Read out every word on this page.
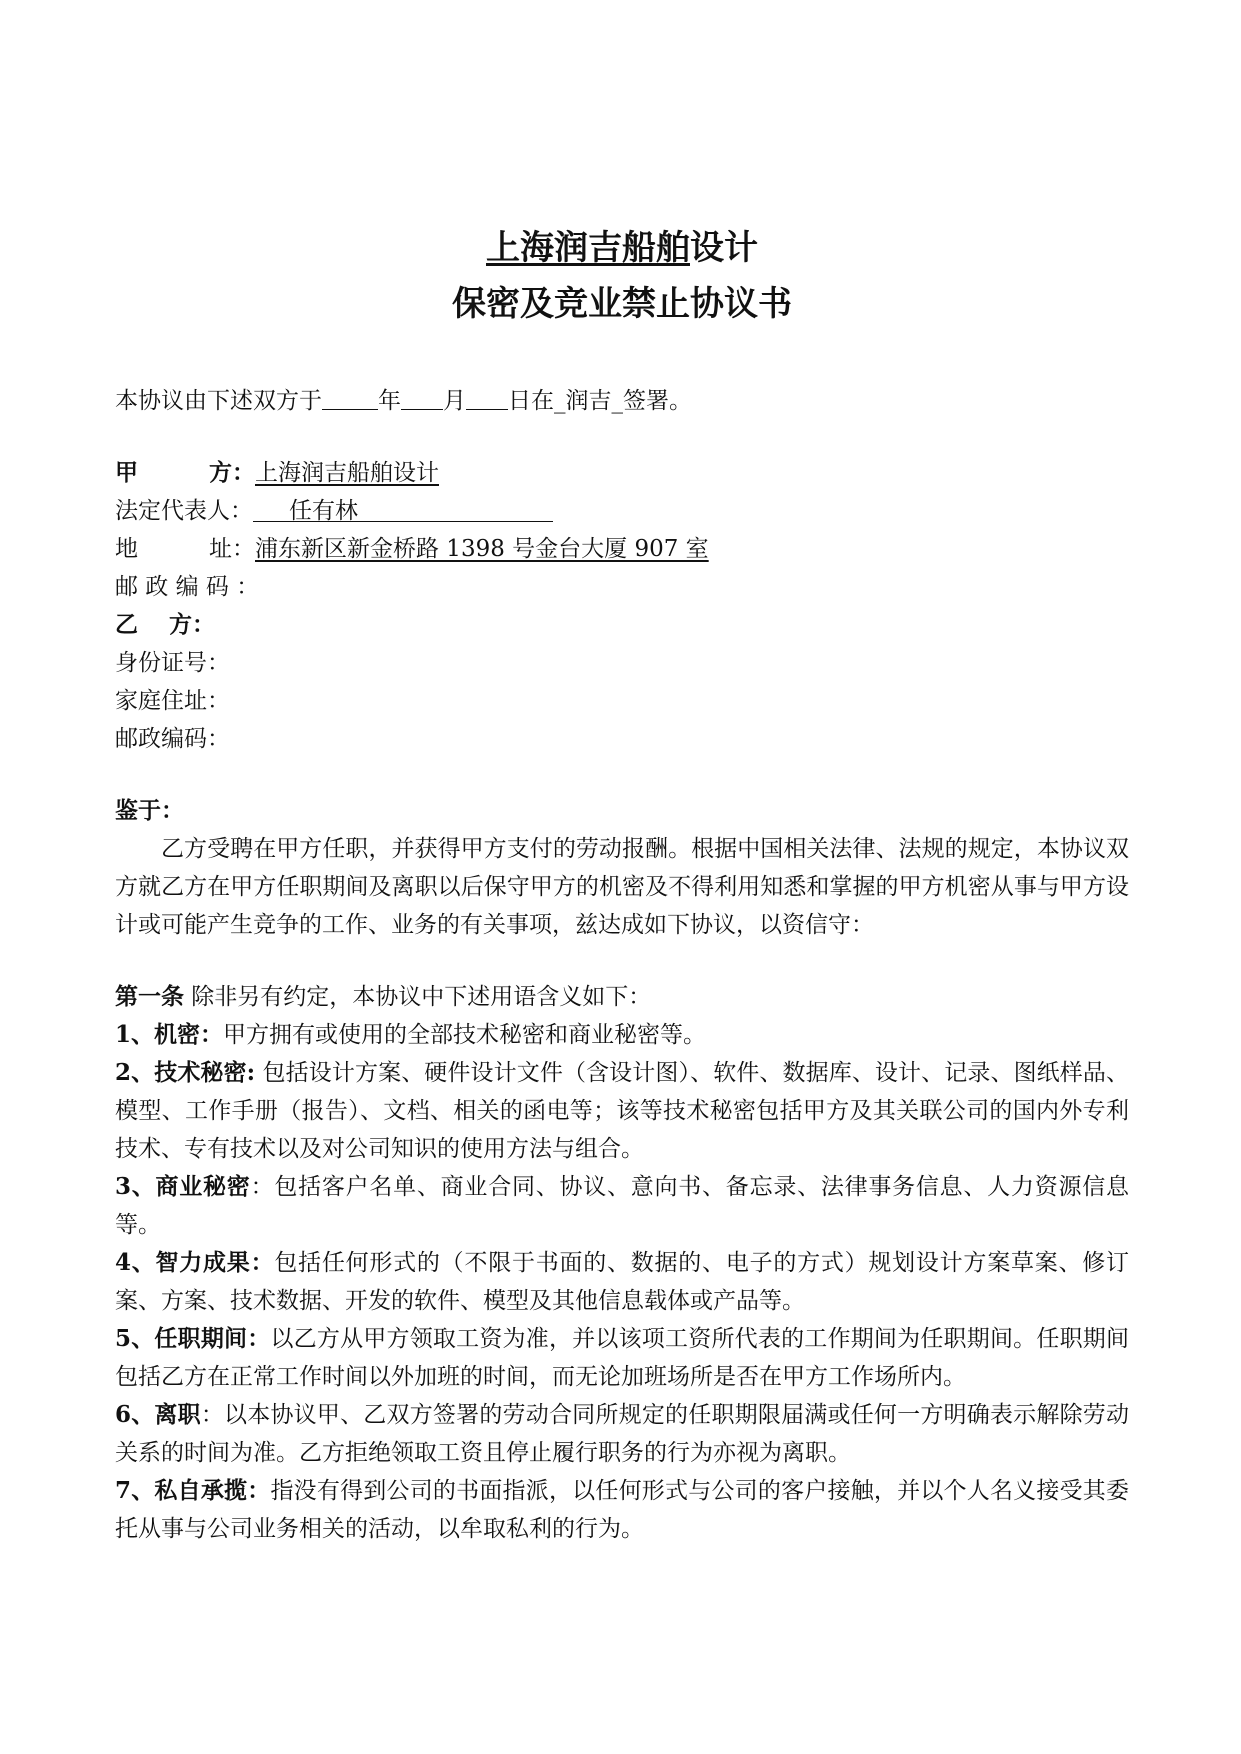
上海润吉船舶设计
保密及竞业禁止协议书
本协议由下述双方于 年 月 日在_润吉_签署。
甲	方： 上海润吉船舶设计
法定代表人：	任有林
地	址： 浦东新区新金桥路 1398 号金台大厦 907 室
邮 政 编 码 ：
乙 方：
身份证号：
家庭住址：
邮政编码：
鉴于：
乙方受聘在甲方任职，并获得甲方支付的劳动报酬。根据中国相关法律、法规的规定，本协议双方就乙方在甲方任职期间及离职以后保守甲方的机密及不得利用知悉和掌握的甲方机密从事与甲方设计或可能产生竞争的工作、业务的有关事项，兹达成如下协议，以资信守：
第一条 除非另有约定，本协议中下述用语含义如下：
1、机密：甲方拥有或使用的全部技术秘密和商业秘密等。
2、技术秘密: 包括设计方案、硬件设计文件（含设计图）、软件、数据库、设计、记录、图纸样品、模型、工作手册（报告）、文档、相关的函电等；该等技术秘密包括甲方及其关联公司的国内外专利技术、专有技术以及对公司知识的使用方法与组合。
3、商业秘密：包括客户名单、商业合同、协议、意向书、备忘录、法律事务信息、人力资源信息等。
4、智力成果：包括任何形式的（不限于书面的、数据的、电子的方式）规划设计方案草案、修订案、方案、技术数据、开发的软件、模型及其他信息载体或产品等。
5、任职期间：以乙方从甲方领取工资为准，并以该项工资所代表的工作期间为任职期间。任职期间包括乙方在正常工作时间以外加班的时间，而无论加班场所是否在甲方工作场所内。
6、离职：以本协议甲、乙双方签署的劳动合同所规定的任职期限届满或任何一方明确表示解除劳动关系的时间为准。乙方拒绝领取工资且停止履行职务的行为亦视为离职。
7、私自承揽：指没有得到公司的书面指派，以任何形式与公司的客户接触，并以个人名义接受其委托从事与公司业务相关的活动，以牟取私利的行为。
